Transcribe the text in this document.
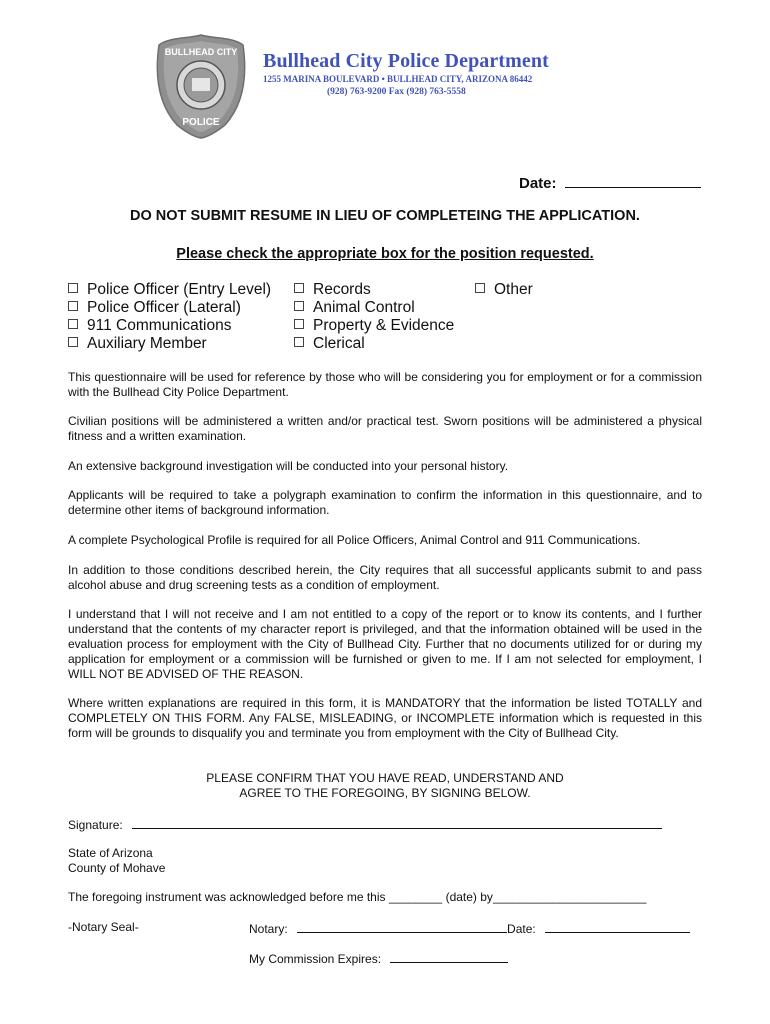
BULLHEAD CITY
POLICE
Bullhead City Police Department
1255 MARINA BOULEVARD • BULLHEAD CITY, ARIZONA 86442
(928) 763-9200 Fax (928) 763-5558
Date:
DO NOT SUBMIT RESUME IN LIEU OF COMPLETEING THE APPLICATION.
Please check the appropriate box for the position requested.
Police Officer (Entry Level)
Police Officer (Lateral)
911 Communications
Auxiliary Member
Records
Animal Control
Property & Evidence
Clerical
Other
This questionnaire will be used for reference by those who will be considering you for employment or for a commission with the Bullhead City Police Department.
Civilian positions will be administered a written and/or practical test. Sworn positions will be administered a physical fitness and a written examination.
An extensive background investigation will be conducted into your personal history.
Applicants will be required to take a polygraph examination to confirm the information in this questionnaire, and to determine other items of background information.
A complete Psychological Profile is required for all Police Officers, Animal Control and 911 Communications.
In addition to those conditions described herein, the City requires that all successful applicants submit to and pass alcohol abuse and drug screening tests as a condition of employment.
I understand that I will not receive and I am not entitled to a copy of the report or to know its contents, and I further understand that the contents of my character report is privileged, and that the information obtained will be used in the evaluation process for employment with the City of Bullhead City. Further that no documents utilized for or during my application for employment or a commission will be furnished or given to me. If I am not selected for employment, I WILL NOT BE ADVISED OF THE REASON.
Where written explanations are required in this form, it is MANDATORY that the information be listed TOTALLY and COMPLETELY ON THIS FORM. Any FALSE, MISLEADING, or INCOMPLETE information which is requested in this form will be grounds to disqualify you and terminate you from employment with the City of Bullhead City.
PLEASE CONFIRM THAT YOU HAVE READ, UNDERSTAND AND
AGREE TO THE FOREGOING, BY SIGNING BELOW.
Signature:
State of Arizona
County of Mohave
The foregoing instrument was acknowledged before me this ________ (date) by_______________________
-Notary Seal-	Notary:	Date:
My Commission Expires:
